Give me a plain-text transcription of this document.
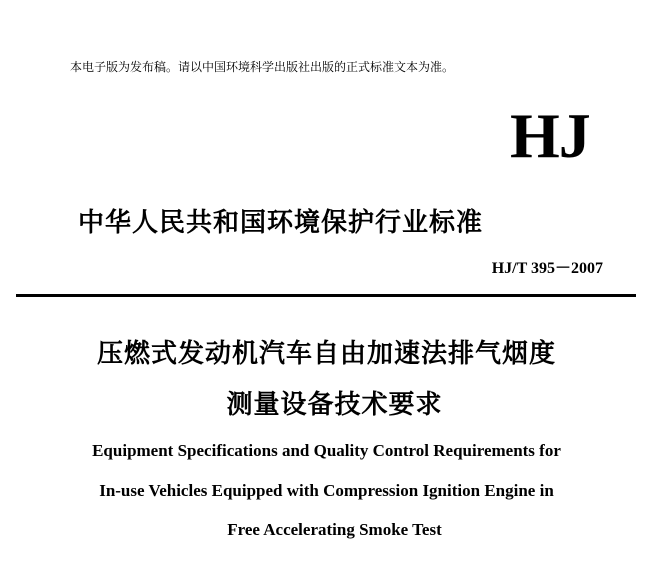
本电子版为发布稿。请以中国环境科学出版社出版的正式标准文本为准。
HJ
中华人民共和国环境保护行业标准
HJ/T 395－2007
压燃式发动机汽车自由加速法排气烟度
测量设备技术要求
Equipment Specifications and Quality Control Requirements for
In-use Vehicles Equipped with Compression Ignition Engine in
Free Accelerating Smoke Test
